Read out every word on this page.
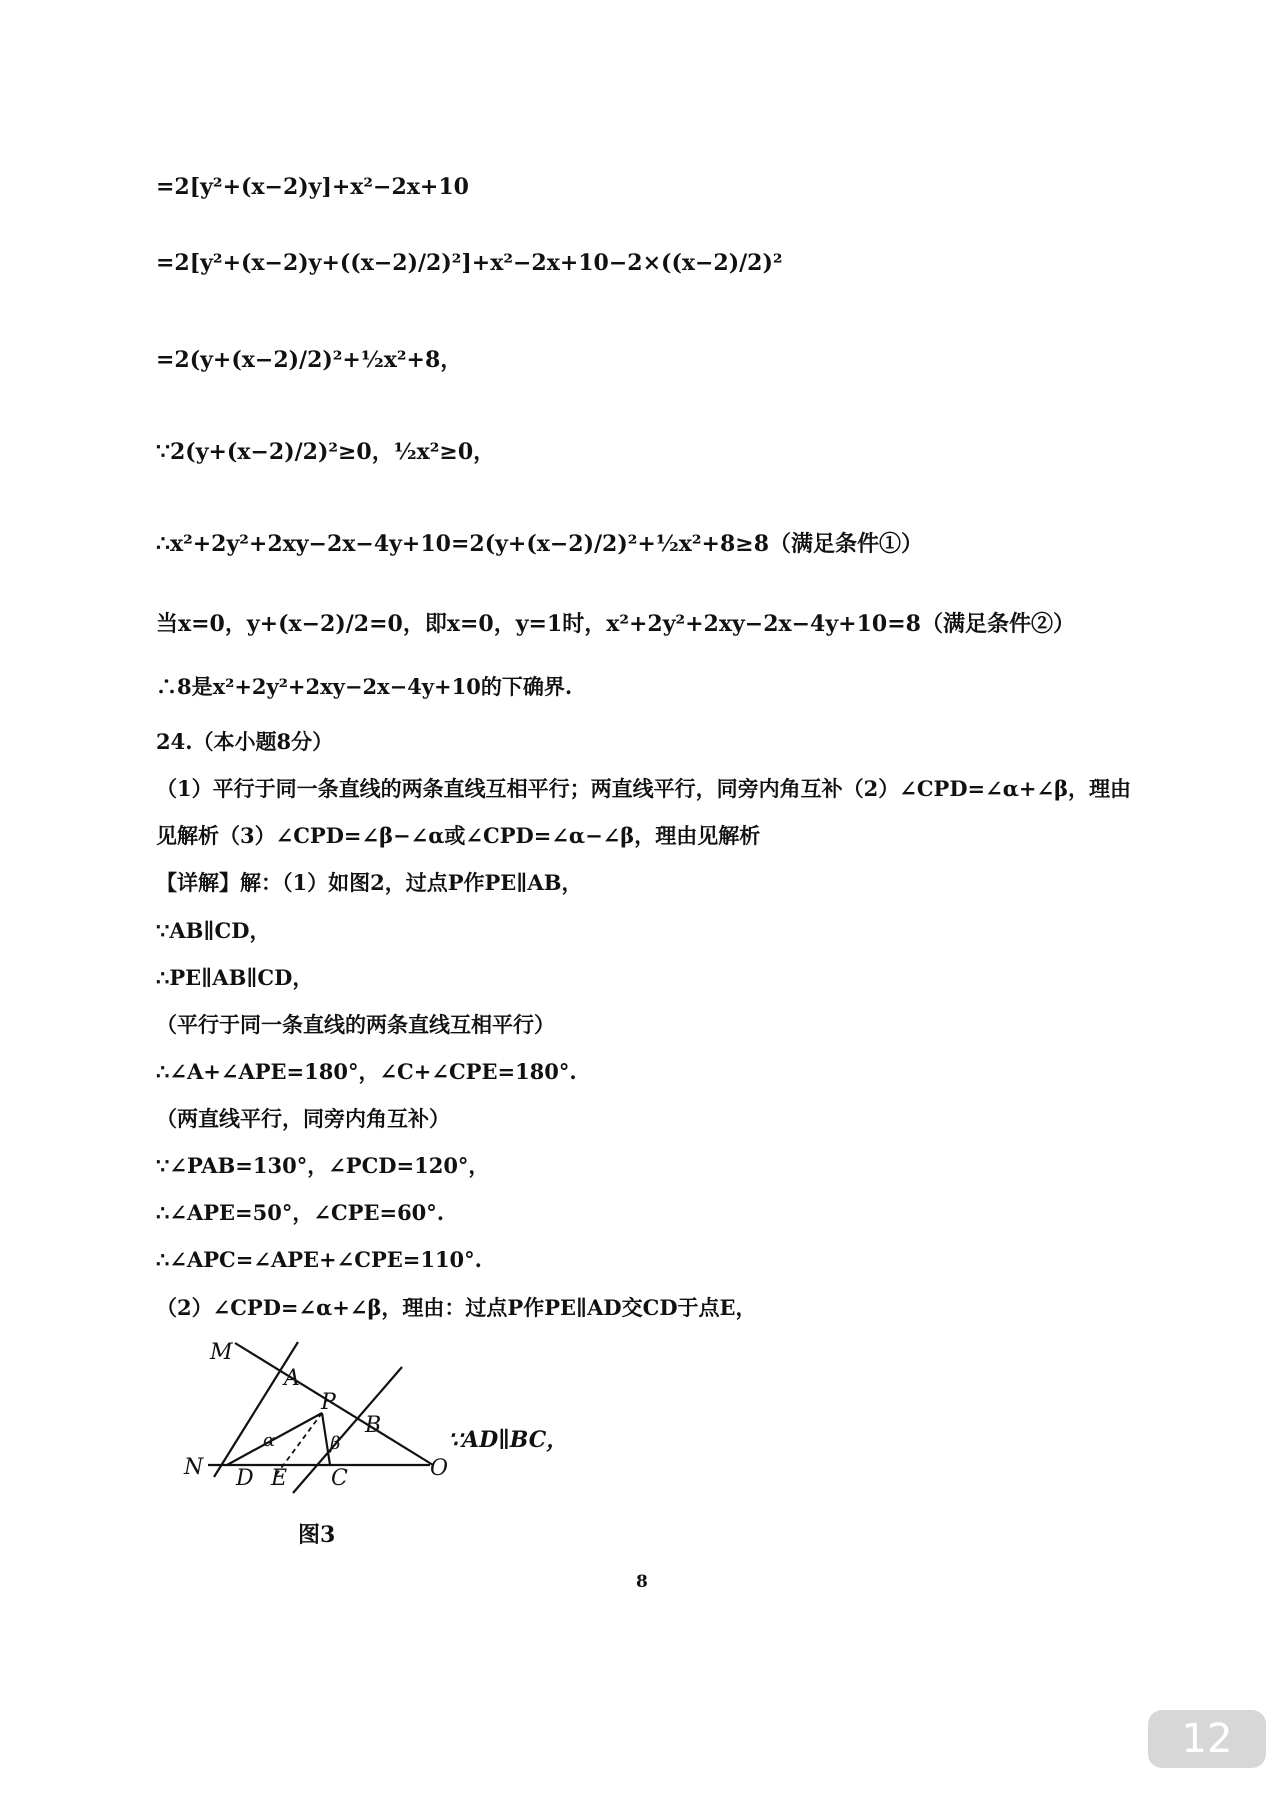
=2[y²+(x−2)y]+x²−2x+10
=2[y²+(x−2)y+((x−2)/2)²]+x²−2x+10−2×((x−2)/2)²
=2(y+(x−2)/2)²+½x²+8，
∵2(y+(x−2)/2)²≥0，½x²≥0，
∴x²+2y²+2xy−2x−4y+10=2(y+(x−2)/2)²+½x²+8≥8（满足条件①）
当x=0，y+(x−2)/2=0，即x=0，y=1时，x²+2y²+2xy−2x−4y+10=8（满足条件②）
∴8是x²+2y²+2xy−2x−4y+10的下确界.
24.（本小题8分）
（1）平行于同一条直线的两条直线互相平行；两直线平行，同旁内角互补（2）∠CPD=∠α+∠β，理由
见解析（3）∠CPD=∠β−∠α或∠CPD=∠α−∠β，理由见解析
【详解】解：（1）如图2，过点P作PE∥AB，
∵AB∥CD，
∴PE∥AB∥CD，
（平行于同一条直线的两条直线互相平行）
∴∠A+∠APE=180°，∠C+∠CPE=180°.
（两直线平行，同旁内角互补）
∵∠PAB=130°，∠PCD=120°，
∴∠APE=50°，∠CPE=60°.
∴∠APC=∠APE+∠CPE=110°.
（2）∠CPD=∠α+∠β，理由：过点P作PE∥AD交CD于点E，
M
A
P
B
N D E C	O
α	β	∵AD∥BC，
图3
8
12
